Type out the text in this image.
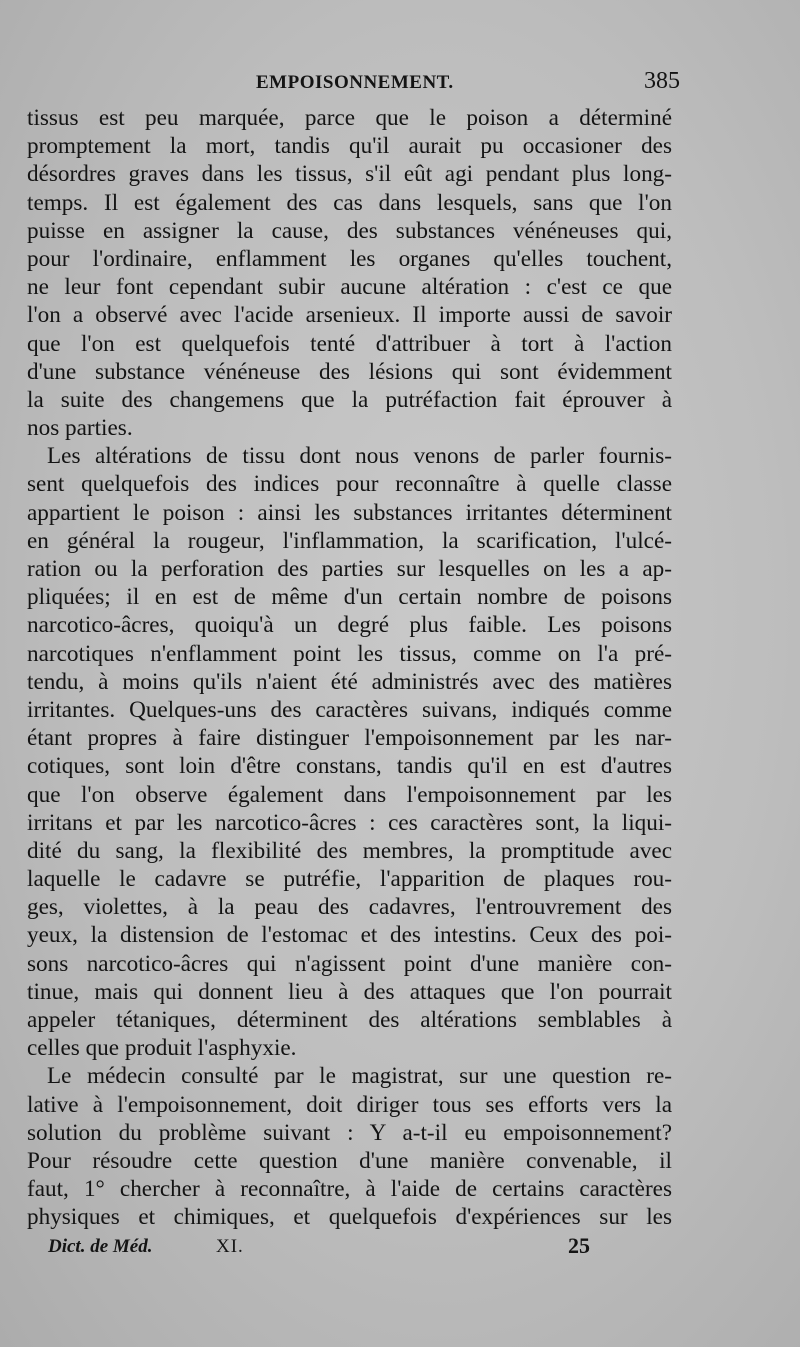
EMPOISONNEMENT.	385
tissus est peu marquée, parce que le poison a déterminé
promptement la mort, tandis qu'il aurait pu occasioner des
désordres graves dans les tissus, s'il eût agi pendant plus long-
temps. Il est également des cas dans lesquels, sans que l'on
puisse en assigner la cause, des substances vénéneuses qui,
pour l'ordinaire, enflamment les organes qu'elles touchent,
ne leur font cependant subir aucune altération : c'est ce que
l'on a observé avec l'acide arsenieux. Il importe aussi de savoir
que l'on est quelquefois tenté d'attribuer à tort à l'action
d'une substance vénéneuse des lésions qui sont évidemment
la suite des changemens que la putréfaction fait éprouver à
nos parties.
Les altérations de tissu dont nous venons de parler fournis-
sent quelquefois des indices pour reconnaître à quelle classe
appartient le poison : ainsi les substances irritantes déterminent
en général la rougeur, l'inflammation, la scarification, l'ulcé-
ration ou la perforation des parties sur lesquelles on les a ap-
pliquées; il en est de même d'un certain nombre de poisons
narcotico-âcres, quoiqu'à un degré plus faible. Les poisons
narcotiques n'enflamment point les tissus, comme on l'a pré-
tendu, à moins qu'ils n'aient été administrés avec des matières
irritantes. Quelques-uns des caractères suivans, indiqués comme
étant propres à faire distinguer l'empoisonnement par les nar-
cotiques, sont loin d'être constans, tandis qu'il en est d'autres
que l'on observe également dans l'empoisonnement par les
irritans et par les narcotico-âcres : ces caractères sont, la liqui-
dité du sang, la flexibilité des membres, la promptitude avec
laquelle le cadavre se putréfie, l'apparition de plaques rou-
ges, violettes, à la peau des cadavres, l'entrouvrement des
yeux, la distension de l'estomac et des intestins. Ceux des poi-
sons narcotico-âcres qui n'agissent point d'une manière con-
tinue, mais qui donnent lieu à des attaques que l'on pourrait
appeler tétaniques, déterminent des altérations semblables à
celles que produit l'asphyxie.
Le médecin consulté par le magistrat, sur une question re-
lative à l'empoisonnement, doit diriger tous ses efforts vers la
solution du problème suivant : Y a-t-il eu empoisonnement?
Pour résoudre cette question d'une manière convenable, il
faut, 1° chercher à reconnaître, à l'aide de certains caractères
physiques et chimiques, et quelquefois d'expériences sur les
Dict. de Méd.	XI.	25
